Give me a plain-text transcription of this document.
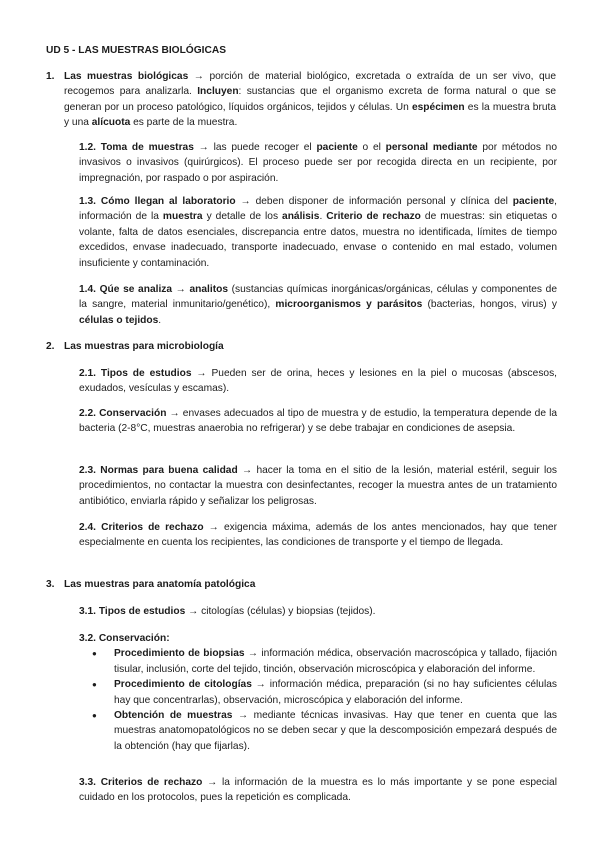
UD 5 - LAS MUESTRAS BIOLÓGICAS
1. Las muestras biológicas → porción de material biológico, excretada o extraída de un ser vivo, que recogemos para analizarla. Incluyen: sustancias que el organismo excreta de forma natural o que se generan por un proceso patológico, líquidos orgánicos, tejidos y células. Un espécimen es la muestra bruta y una alícuota es parte de la muestra.

1.2. Toma de muestras → las puede recoger el paciente o el personal mediante por métodos no invasivos o invasivos (quirúrgicos). El proceso puede ser por recogida directa en un recipiente, por impregnación, por raspado o por aspiración.

1.3. Cómo llegan al laboratorio → deben disponer de información personal y clínica del paciente, información de la muestra y detalle de los análisis. Criterio de rechazo de muestras: sin etiquetas o volante, falta de datos esenciales, discrepancia entre datos, muestra no identificada, límites de tiempo excedidos, envase inadecuado, transporte inadecuado, envase o contenido en mal estado, volumen insuficiente y contaminación.

1.4. Qúe se analiza → analitos (sustancias químicas inorgánicas/orgánicas, células y componentes de la sangre, material inmunitario/genético), microorganismos y parásitos (bacterias, hongos, virus) y células o tejidos.

2. Las muestras para microbiología

2.1. Tipos de estudios → Pueden ser de orina, heces y lesiones en la piel o mucosas (abscesos, exudados, vesículas y escamas).

2.2. Conservación → envases adecuados al tipo de muestra y de estudio, la temperatura depende de la bacteria (2-8°C, muestras anaerobia no refrigerar) y se debe trabajar en condiciones de asepsia.

2.3. Normas para buena calidad → hacer la toma en el sitio de la lesión, material estéril, seguir los procedimientos, no contactar la muestra con desinfectantes, recoger la muestra antes de un tratamiento antibiótico, enviarla rápido y señalizar los peligrosas.

2.4. Criterios de rechazo → exigencia máxima, además de los antes mencionados, hay que tener especialmente en cuenta los recipientes, las condiciones de transporte y el tiempo de llegada.

3. Las muestras para anatomía patológica

3.1. Tipos de estudios → citologías (células) y biopsias (tejidos).

3.2. Conservación:

● Procedimiento de biopsias → información médica, observación macroscópica y tallado, fijación tisular, inclusión, corte del tejido, tinción, observación microscópica y elaboración del informe.
● Procedimiento de citologías → información médica, preparación (si no hay suficientes células hay que concentrarlas), observación, microscópica y elaboración del informe.
● Obtención de muestras → mediante técnicas invasivas. Hay que tener en cuenta que las muestras anatomopatológicos no se deben secar y que la descomposición empezará después de la obtención (hay que fijarlas).

3.3. Criterios de rechazo → la información de la muestra es lo más importante y se pone especial cuidado en los protocolos, pues la repetición es complicada.
